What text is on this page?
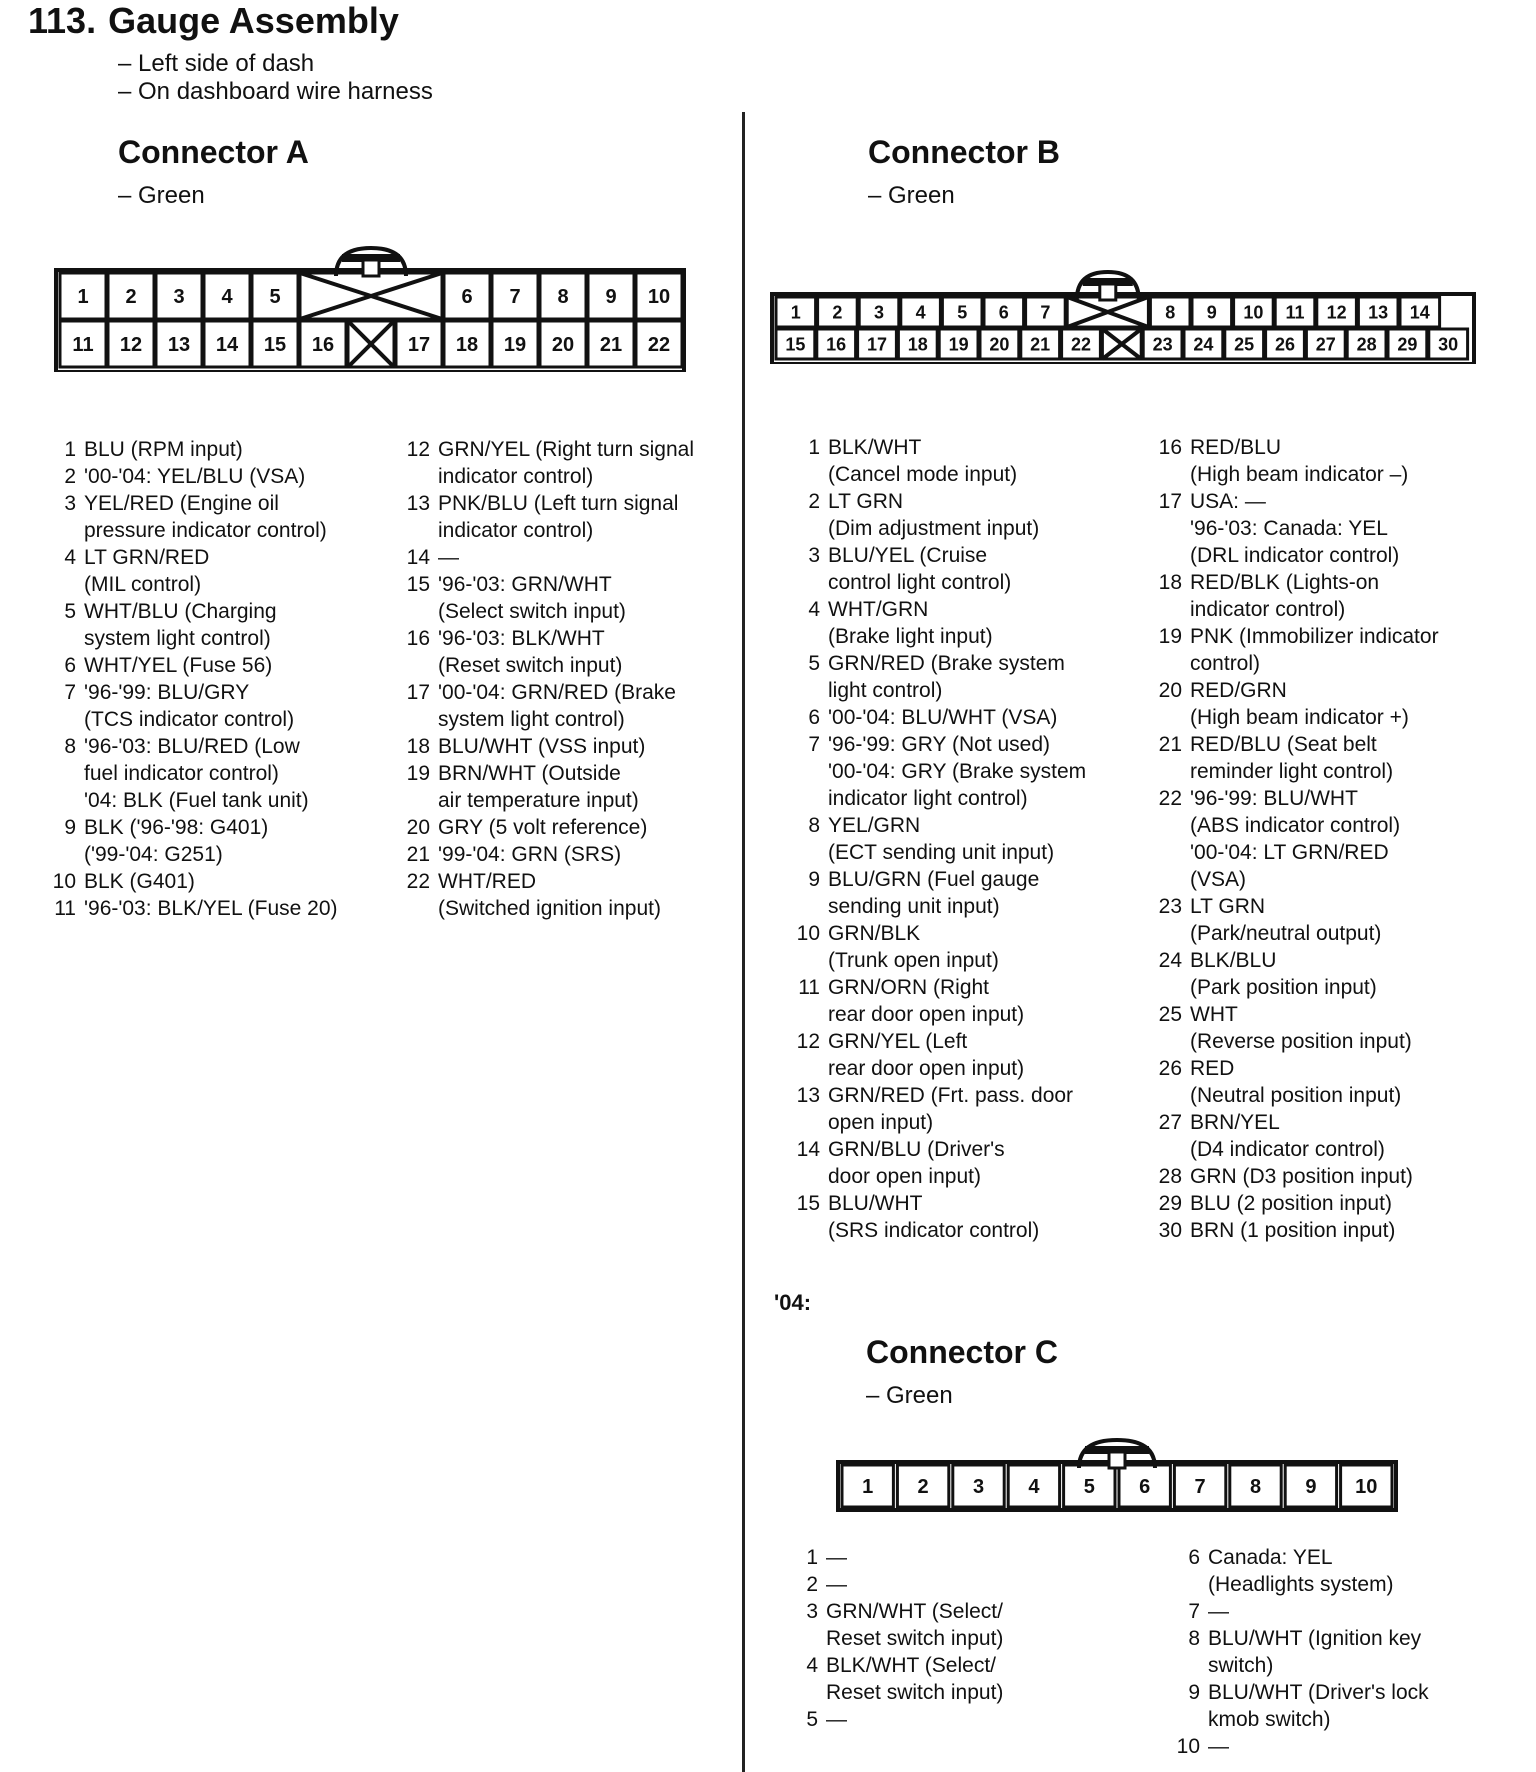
113. Gauge Assembly
– Left side of dash
– On dashboard wire harness
Connector A
– Green
1 2 3 4 5	6 7 8 9 10
11 12 13 14 15 16	17 18 19 20 21 22
Connector B
– Green
1 2 3 4 5 6 7	8 9 10 11 12 13 14
15 16 17 18 19 20 21 22	23 24 25 26 27 28 29 30
1 BLU (RPM input)
2 '00-'04: YEL/BLU (VSA)
3 YEL/RED (Engine oil
pressure indicator control)
4 LT GRN/RED
(MIL control)
5 WHT/BLU (Charging
system light control)
6 WHT/YEL (Fuse 56)
7 '96-'99: BLU/GRY
(TCS indicator control)
8 '96-'03: BLU/RED (Low
fuel indicator control)
'04: BLK (Fuel tank unit)
9 BLK ('96-'98: G401)
('99-'04: G251)
10 BLK (G401)
11 '96-'03: BLK/YEL (Fuse 20)
12 GRN/YEL (Right turn signal
indicator control)
13 PNK/BLU (Left turn signal
indicator control)
14 —
15 '96-'03: GRN/WHT
(Select switch input)
16 '96-'03: BLK/WHT
(Reset switch input)
17 '00-'04: GRN/RED (Brake
system light control)
18 BLU/WHT (VSS input)
19 BRN/WHT (Outside
air temperature input)
20 GRY (5 volt reference)
21 '99-'04: GRN (SRS)
22 WHT/RED
(Switched ignition input)
1 BLK/WHT
(Cancel mode input)
2 LT GRN
(Dim adjustment input)
3 BLU/YEL (Cruise
control light control)
4 WHT/GRN
(Brake light input)
5 GRN/RED (Brake system
light control)
6 '00-'04: BLU/WHT (VSA)
7 '96-'99: GRY (Not used)
'00-'04: GRY (Brake system
indicator light control)
8 YEL/GRN
(ECT sending unit input)
9 BLU/GRN (Fuel gauge
sending unit input)
10 GRN/BLK
(Trunk open input)
11 GRN/ORN (Right
rear door open input)
12 GRN/YEL (Left
rear door open input)
13 GRN/RED (Frt. pass. door
open input)
14 GRN/BLU (Driver's
door open input)
15 BLU/WHT
(SRS indicator control)
16 RED/BLU
(High beam indicator –)
17 USA: —
'96-'03: Canada: YEL
(DRL indicator control)
18 RED/BLK (Lights-on
indicator control)
19 PNK (Immobilizer indicator
control)
20 RED/GRN
(High beam indicator +)
21 RED/BLU (Seat belt
reminder light control)
22 '96-'99: BLU/WHT
(ABS indicator control)
'00-'04: LT GRN/RED
(VSA)
23 LT GRN
(Park/neutral output)
24 BLK/BLU
(Park position input)
25 WHT
(Reverse position input)
26 RED
(Neutral position input)
27 BRN/YEL
(D4 indicator control)
28 GRN (D3 position input)
29 BLU (2 position input)
30 BRN (1 position input)
'04:
Connector C
– Green
1 2 3 4 5 6 7 8 9 10
1 —
2 —
3 GRN/WHT (Select/
Reset switch input)
4 BLK/WHT (Select/
Reset switch input)
5 —
6 Canada: YEL
(Headlights system)
7 —
8 BLU/WHT (Ignition key
switch)
9 BLU/WHT (Driver's lock
kmob switch)
10 —
